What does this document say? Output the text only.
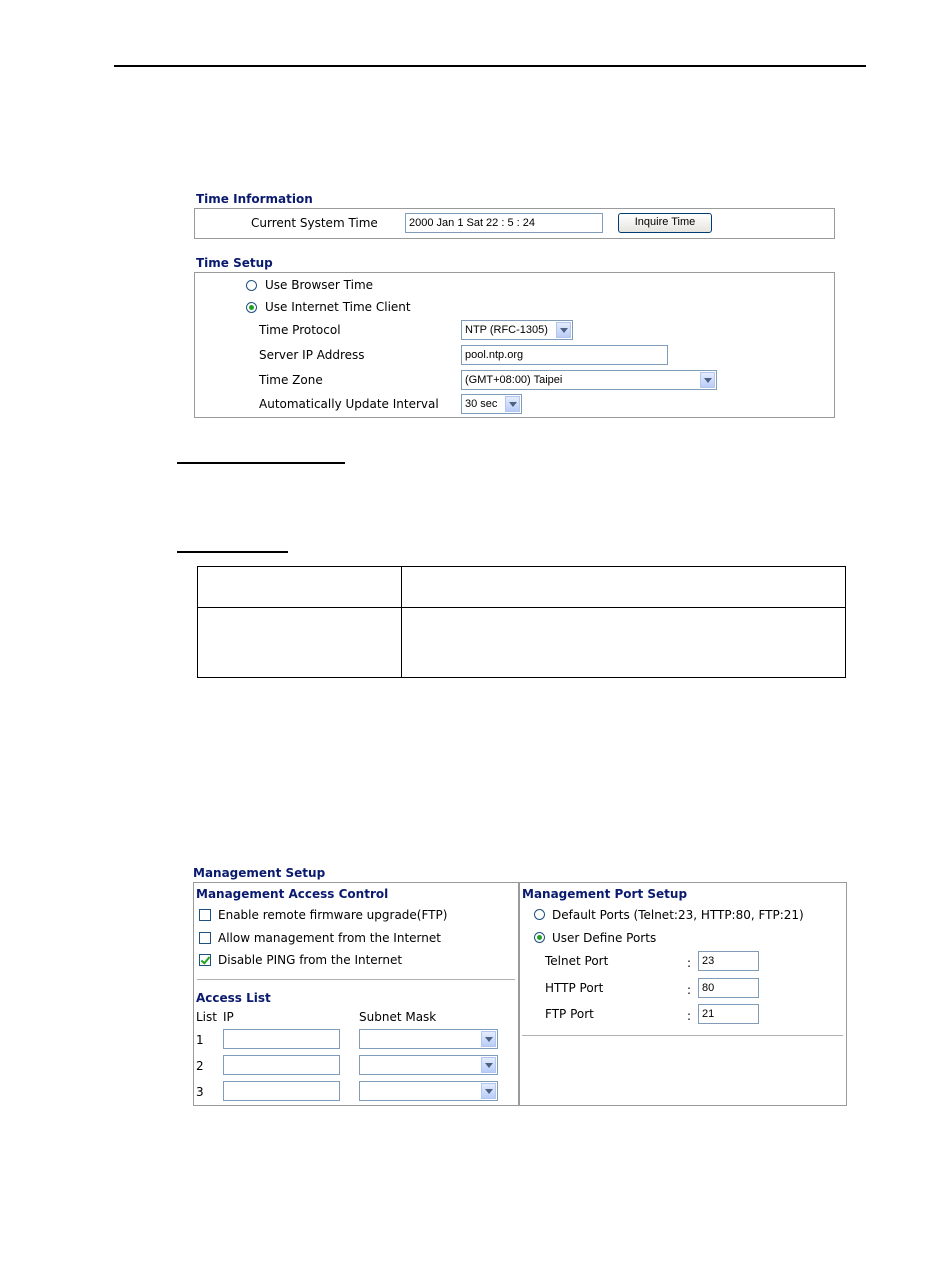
Time Information
Current System Time	2000 Jan 1 Sat 22 : 5 : 24	Inquire Time
Time Setup
Use Browser Time
Use Internet Time Client
Time Protocol	NTP (RFC-1305)
Server IP Address	pool.ntp.org
Time Zone	(GMT+08:00) Taipei
Automatically Update Interval	30 sec
Management Setup
Management Access Control
Enable remote firmware upgrade(FTP)
Allow management from the Internet
Disable PING from the Internet
Access List
List IP	Subnet Mask
1
2
3
Management Port Setup
Default Ports (Telnet:23, HTTP:80, FTP:21)
User Define Ports
Telnet Port	: 23
HTTP Port	: 80
FTP Port	: 21
